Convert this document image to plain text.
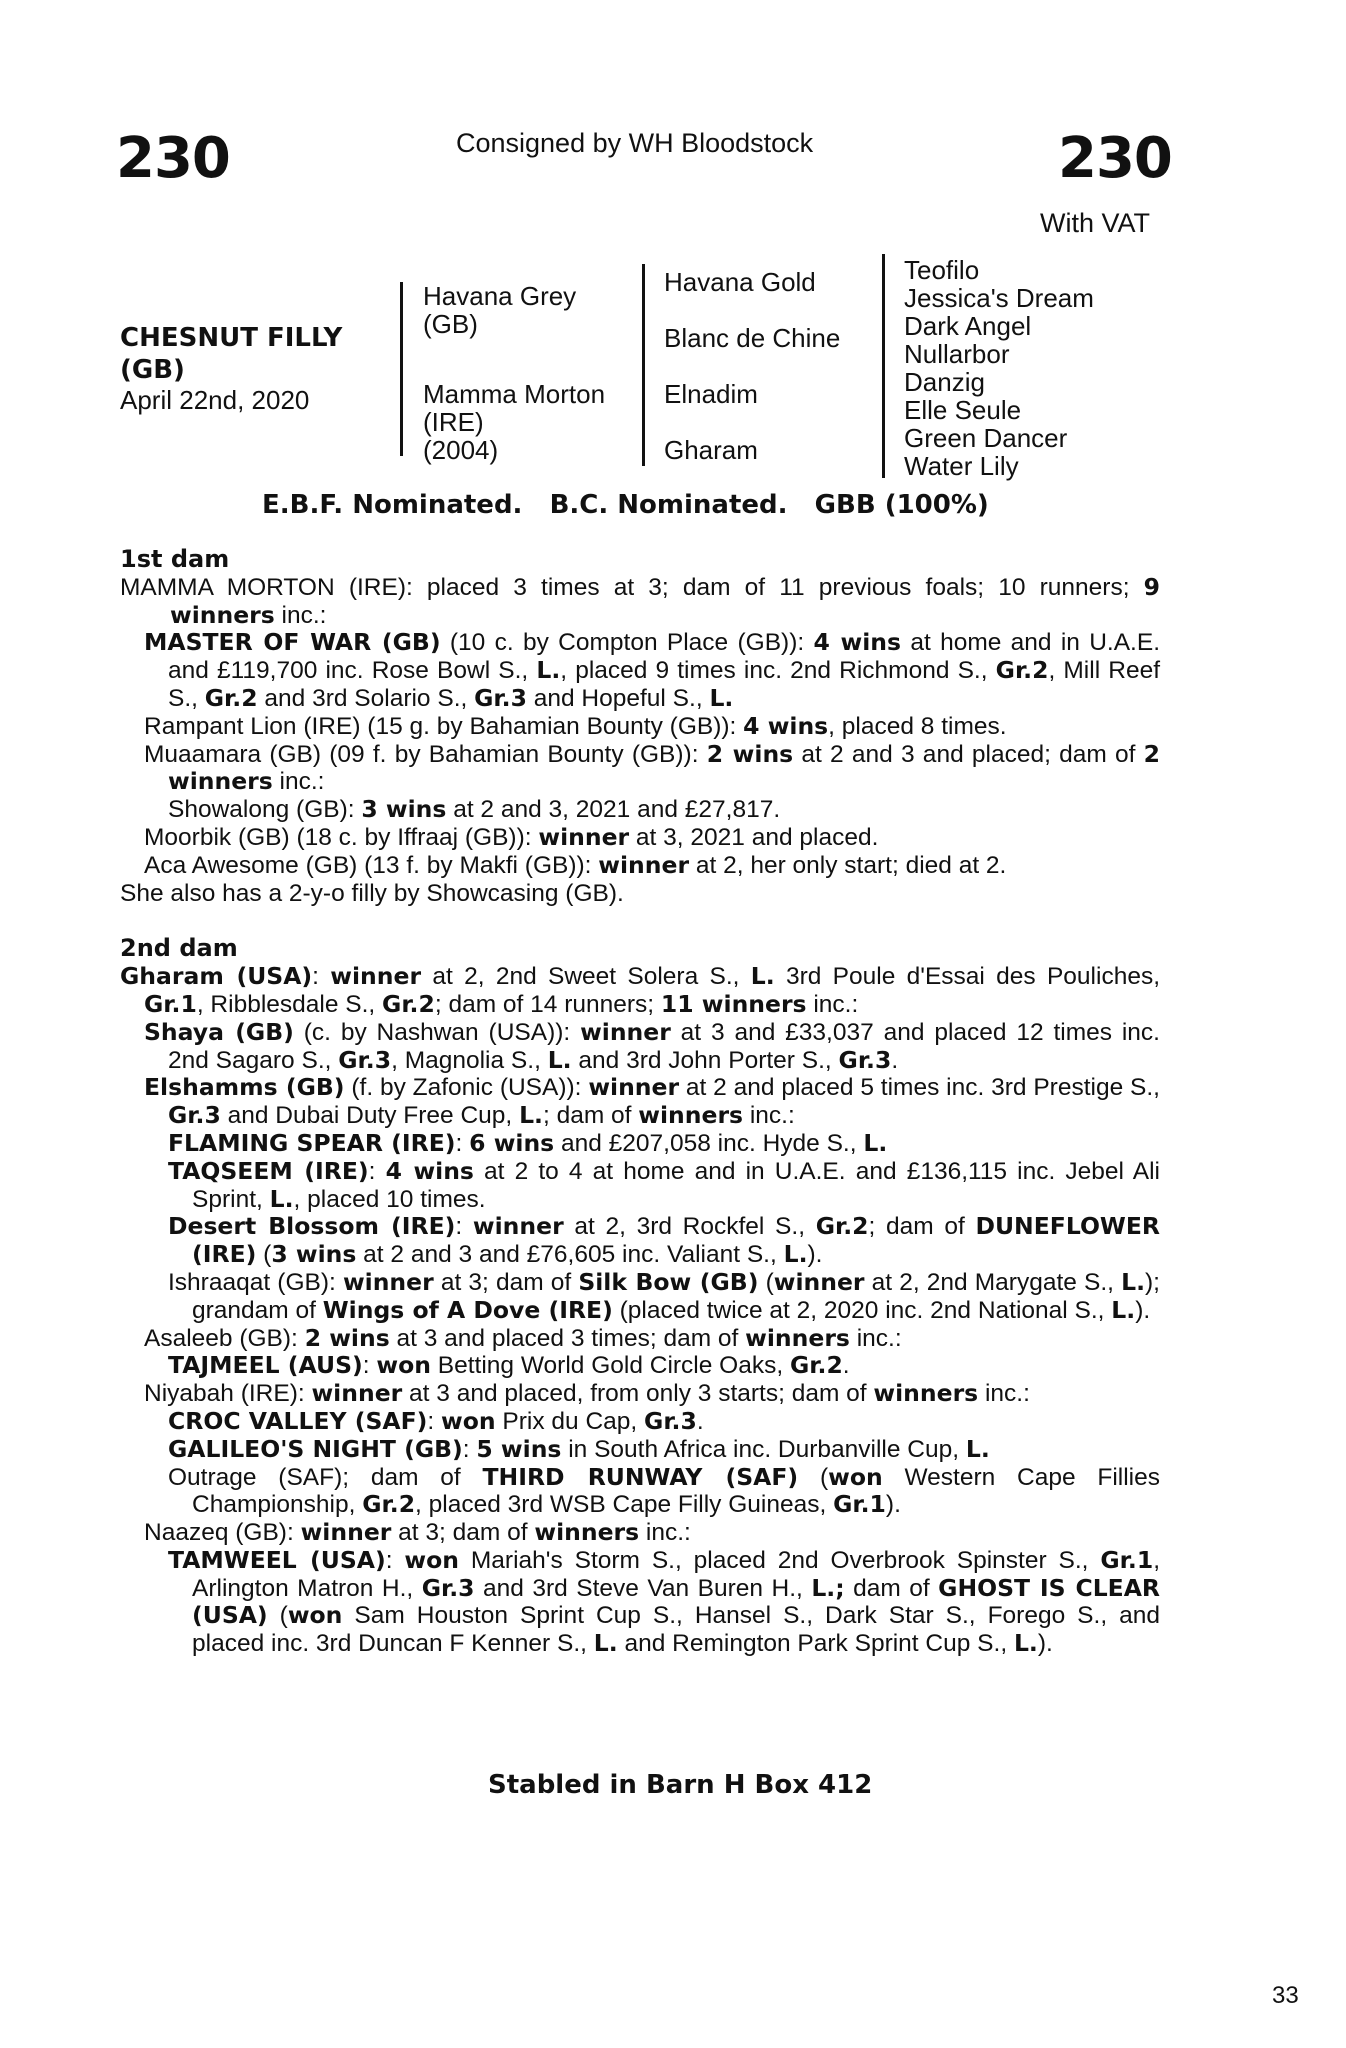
230	Consigned by WH Bloodstock	230
With VAT
CHESNUT FILLY
(GB)
April 22nd, 2020
Havana Grey
(GB)
Mamma Morton
(IRE)
(2004)
Havana Gold
Blanc de Chine
Elnadim
Gharam
Teofilo
Jessica's Dream
Dark Angel
Nullarbor
Danzig
Elle Seule
Green Dancer
Water Lily
E.B.F. Nominated.   B.C. Nominated.   GBB (100%)
1st dam
MAMMA MORTON (IRE): placed 3 times at 3; dam of 11 previous foals; 10 runners; 9 winners inc.:
MASTER OF WAR (GB) (10 c. by Compton Place (GB)): 4 wins at home and in U.A.E. and £119,700 inc. Rose Bowl S., L., placed 9 times inc. 2nd Richmond S., Gr.2, Mill Reef S., Gr.2 and 3rd Solario S., Gr.3 and Hopeful S., L.
Rampant Lion (IRE) (15 g. by Bahamian Bounty (GB)): 4 wins, placed 8 times.
Muaamara (GB) (09 f. by Bahamian Bounty (GB)): 2 wins at 2 and 3 and placed; dam of 2 winners inc.:
Showalong (GB): 3 wins at 2 and 3, 2021 and £27,817.
Moorbik (GB) (18 c. by Iffraaj (GB)): winner at 3, 2021 and placed.
Aca Awesome (GB) (13 f. by Makfi (GB)): winner at 2, her only start; died at 2.
She also has a 2-y-o filly by Showcasing (GB).
2nd dam
Gharam (USA): winner at 2, 2nd Sweet Solera S., L. 3rd Poule d'Essai des Pouliches, Gr.1, Ribblesdale S., Gr.2; dam of 14 runners; 11 winners inc.:
Shaya (GB) (c. by Nashwan (USA)): winner at 3 and £33,037 and placed 12 times inc. 2nd Sagaro S., Gr.3, Magnolia S., L. and 3rd John Porter S., Gr.3.
Elshamms (GB) (f. by Zafonic (USA)): winner at 2 and placed 5 times inc. 3rd Prestige S., Gr.3 and Dubai Duty Free Cup, L.; dam of winners inc.:
FLAMING SPEAR (IRE): 6 wins and £207,058 inc. Hyde S., L.
TAQSEEM (IRE): 4 wins at 2 to 4 at home and in U.A.E. and £136,115 inc. Jebel Ali Sprint, L., placed 10 times.
Desert Blossom (IRE): winner at 2, 3rd Rockfel S., Gr.2; dam of DUNEFLOWER (IRE) (3 wins at 2 and 3 and £76,605 inc. Valiant S., L.).
Ishraaqat (GB): winner at 3; dam of Silk Bow (GB) (winner at 2, 2nd Marygate S., L.); grandam of Wings of A Dove (IRE) (placed twice at 2, 2020 inc. 2nd National S., L.).
Asaleeb (GB): 2 wins at 3 and placed 3 times; dam of winners inc.:
TAJMEEL (AUS): won Betting World Gold Circle Oaks, Gr.2.
Niyabah (IRE): winner at 3 and placed, from only 3 starts; dam of winners inc.:
CROC VALLEY (SAF): won Prix du Cap, Gr.3.
GALILEO'S NIGHT (GB): 5 wins in South Africa inc. Durbanville Cup, L.
Outrage (SAF); dam of THIRD RUNWAY (SAF) (won Western Cape Fillies Championship, Gr.2, placed 3rd WSB Cape Filly Guineas, Gr.1).
Naazeq (GB): winner at 3; dam of winners inc.:
TAMWEEL (USA): won Mariah's Storm S., placed 2nd Overbrook Spinster S., Gr.1, Arlington Matron H., Gr.3 and 3rd Steve Van Buren H., L.; dam of GHOST IS CLEAR (USA) (won Sam Houston Sprint Cup S., Hansel S., Dark Star S., Forego S., and placed inc. 3rd Duncan F Kenner S., L. and Remington Park Sprint Cup S., L.).
Stabled in Barn H Box 412
33
